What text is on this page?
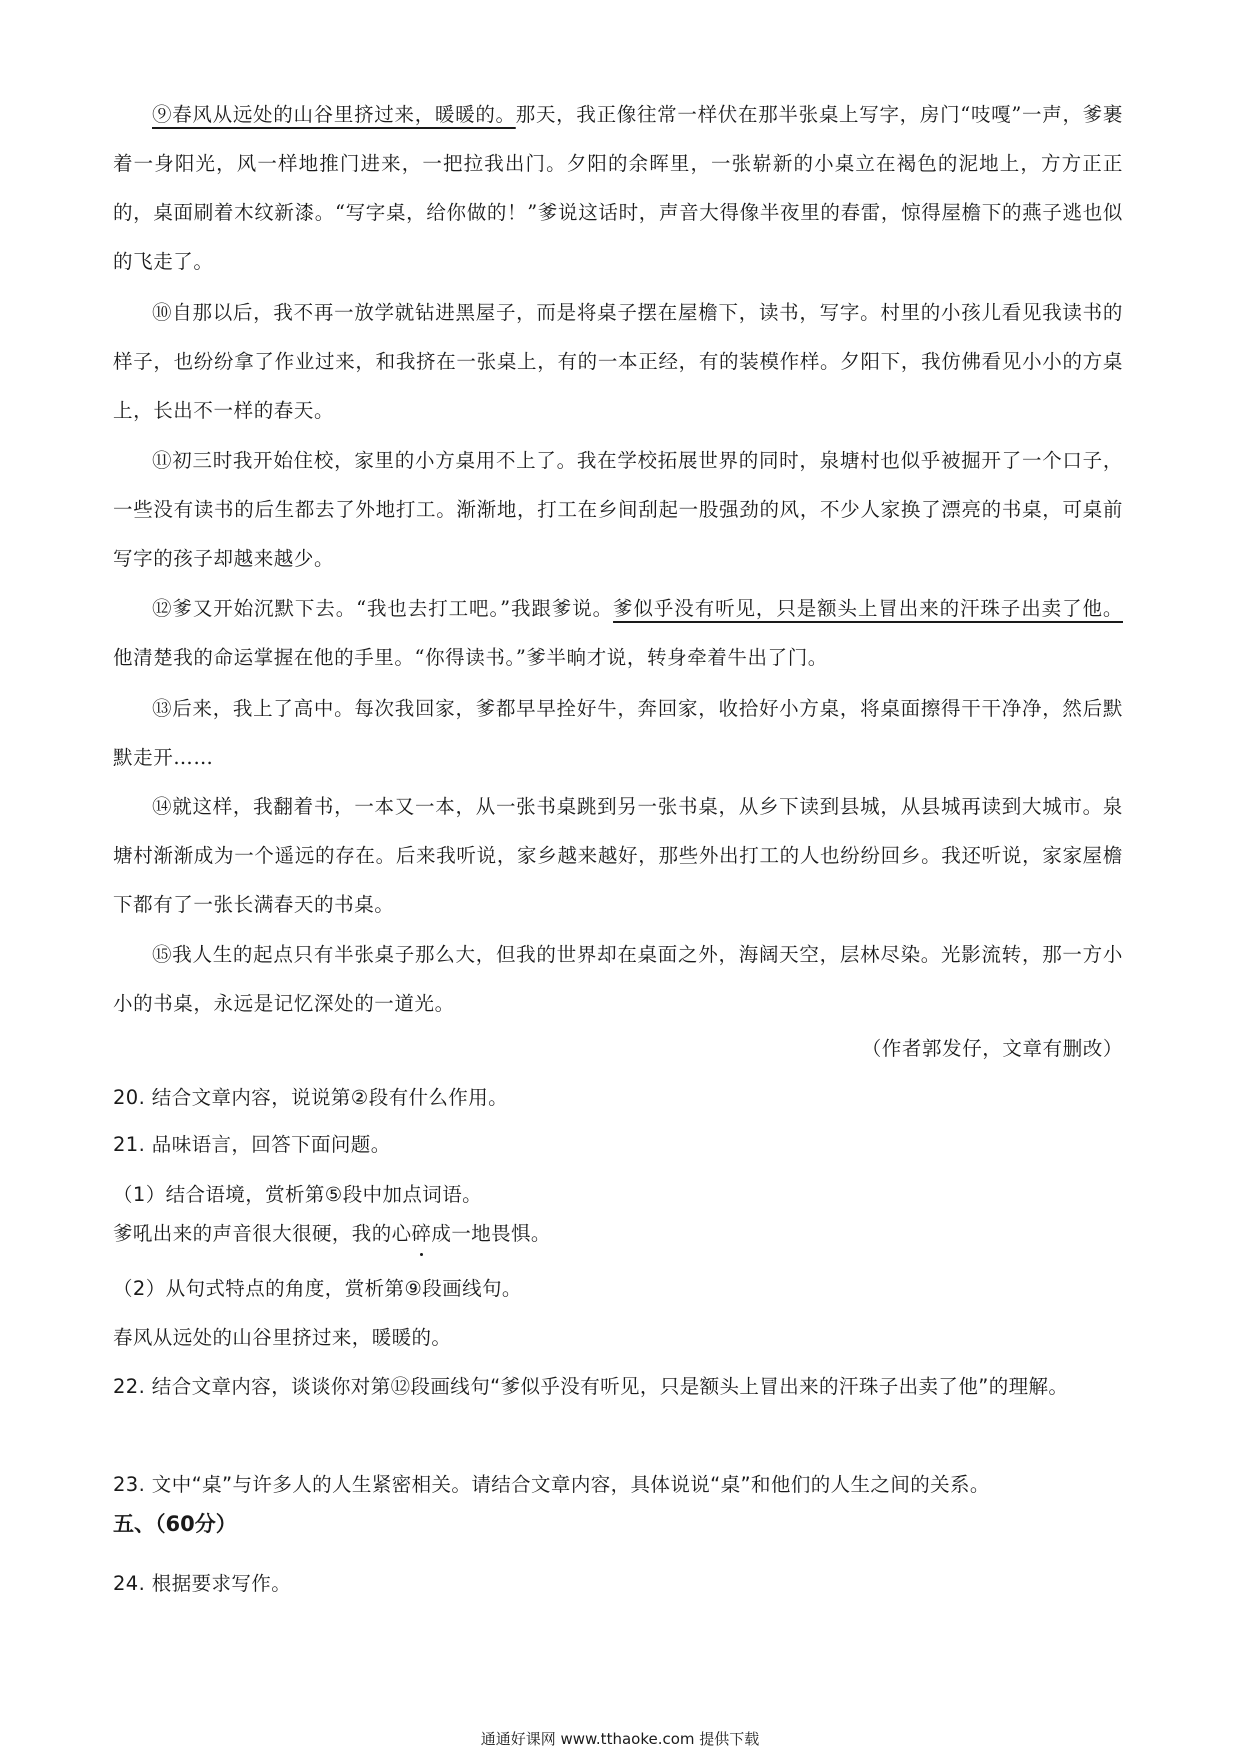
⑨春风从远处的山谷里挤过来，暖暖的。那天，我正像往常一样伏在那半张桌上写字，房门“吱嘎”一声，爹裹着一身阳光，风一样地推门进来，一把拉我出门。夕阳的余晖里，一张崭新的小桌立在褐色的泥地上，方方正正的，桌面刷着木纹新漆。“写字桌，给你做的！”爹说这话时，声音大得像半夜里的春雷，惊得屋檐下的燕子逃也似的飞走了。

⑩自那以后，我不再一放学就钻进黑屋子，而是将桌子摆在屋檐下，读书，写字。村里的小孩儿看见我读书的样子，也纷纷拿了作业过来，和我挤在一张桌上，有的一本正经，有的装模作样。夕阳下，我仿佛看见小小的方桌上，长出不一样的春天。

⑪初三时我开始住校，家里的小方桌用不上了。我在学校拓展世界的同时，泉塘村也似乎被掘开了一个口子，一些没有读书的后生都去了外地打工。渐渐地，打工在乡间刮起一股强劲的风，不少人家换了漂亮的书桌，可桌前写字的孩子却越来越少。

⑫爹又开始沉默下去。“我也去打工吧。”我跟爹说。爹似乎没有听见，只是额头上冒出来的汗珠子出卖了他。他清楚我的命运掌握在他的手里。“你得读书。”爹半晌才说，转身牵着牛出了门。

⑬后来，我上了高中。每次我回家，爹都早早拴好牛，奔回家，收拾好小方桌，将桌面擦得干干净净，然后默默走开……

⑭就这样，我翻着书，一本又一本，从一张书桌跳到另一张书桌，从乡下读到县城，从县城再读到大城市。泉塘村渐渐成为一个遥远的存在。后来我听说，家乡越来越好，那些外出打工的人也纷纷回乡。我还听说，家家屋檐下都有了一张长满春天的书桌。

⑮我人生的起点只有半张桌子那么大，但我的世界却在桌面之外，海阔天空，层林尽染。光影流转，那一方小小的书桌，永远是记忆深处的一道光。

（作者郭发仔，文章有删改）
20. 结合文章内容，说说第②段有什么作用。
21. 品味语言，回答下面问题。
（1）结合语境，赏析第⑤段中加点词语。
爹吼出来的声音很大很硬，我的心碎成一地畏惧。
（2）从句式特点的角度，赏析第⑨段画线句。
春风从远处的山谷里挤过来，暖暖的。
22. 结合文章内容，谈谈你对第⑫段画线句“爹似乎没有听见，只是额头上冒出来的汗珠子出卖了他”的理解。
23. 文中“桌”与许多人的人生紧密相关。请结合文章内容，具体说说“桌”和他们的人生之间的关系。
五、（60分）
24. 根据要求写作。
通通好课网 www.tthaoke.com 提供下载
